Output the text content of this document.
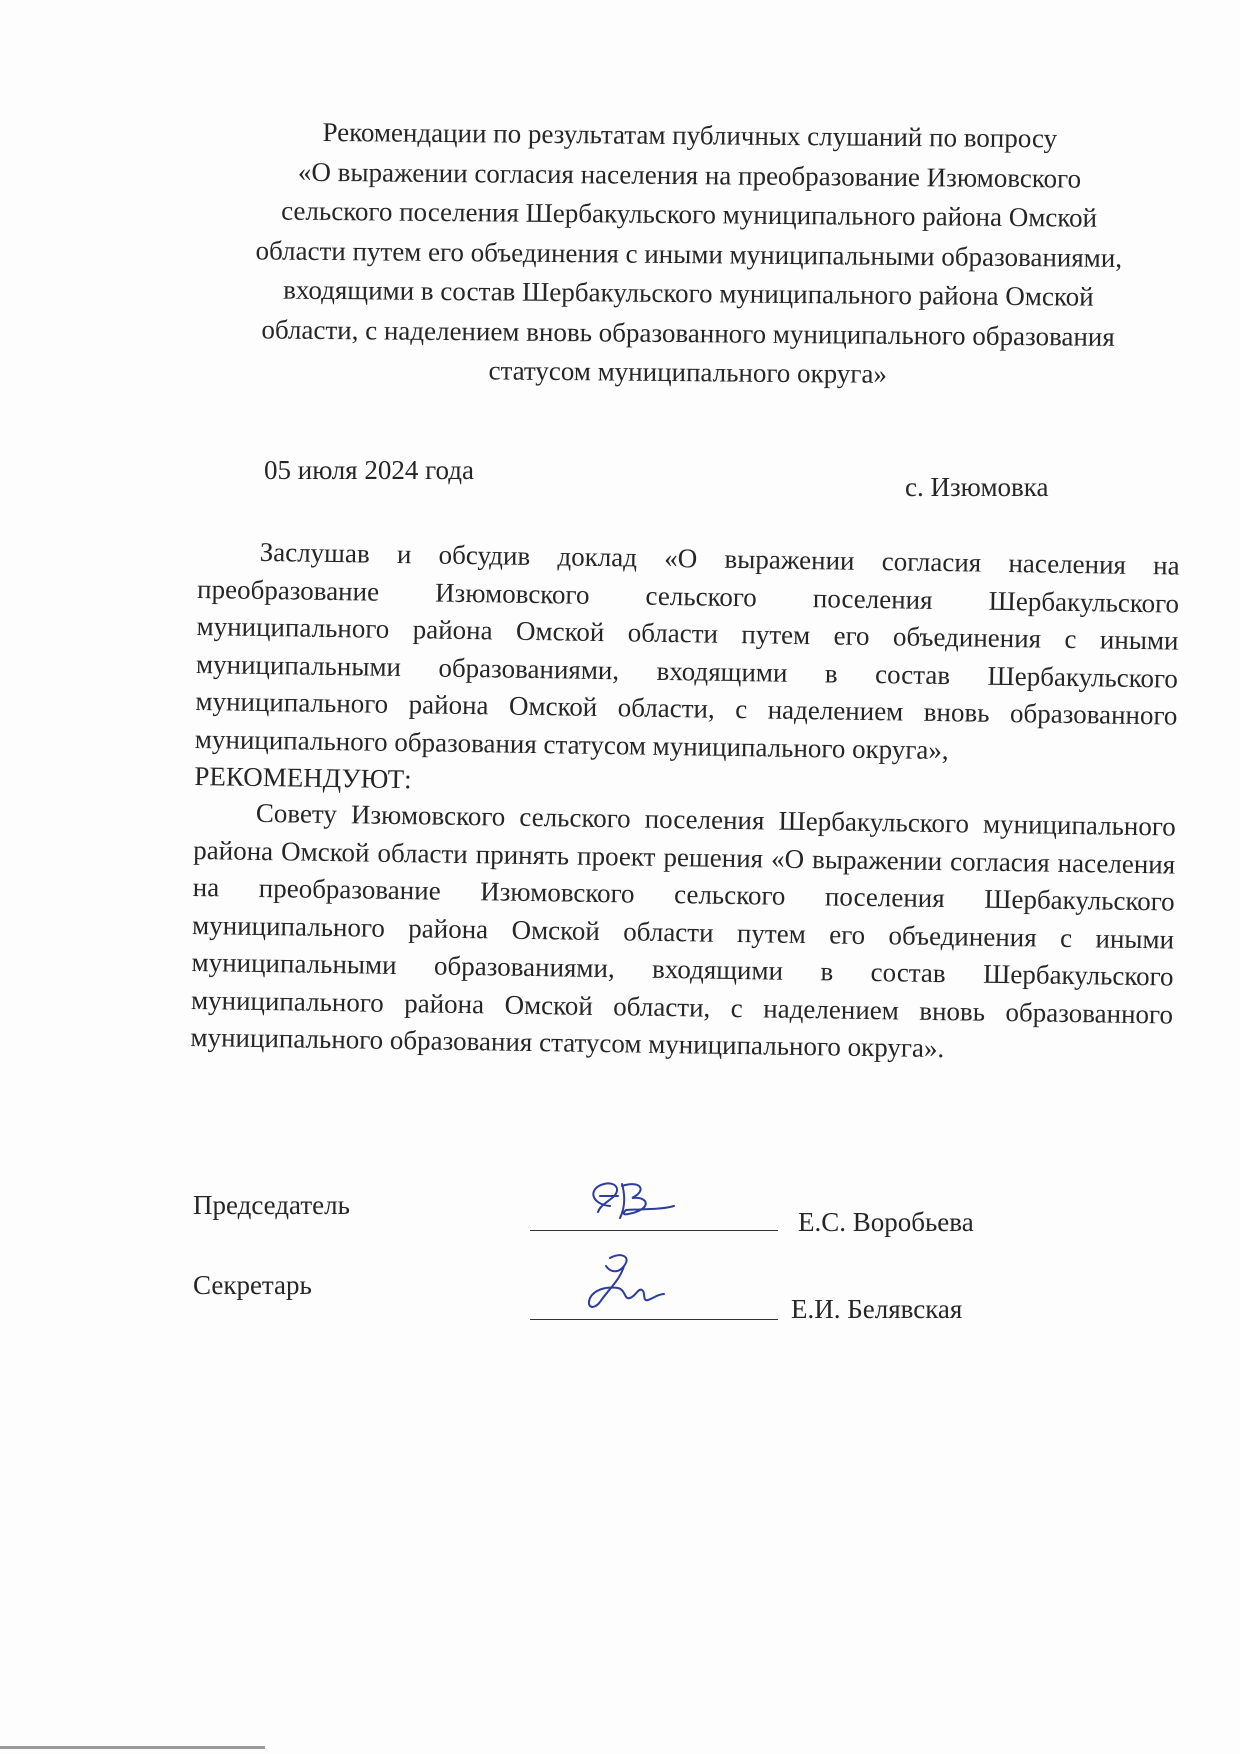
Рекомендации по результатам публичных слушаний по вопросу
«О выражении согласия населения на преобразование Изюмовского
сельского поселения Шербакульского муниципального района Омской
области путем его объединения с иными муниципальными образованиями,
входящими в состав Шербакульского муниципального района Омской
области, с наделением вновь образованного муниципального образования
статусом муниципального округа»
05 июля 2024 года
с. Изюмовка

Заслушав и обсудив доклад «О выражении согласия населения на преобразование Изюмовского сельского поселения Шербакульского муниципального района Омской области путем его объединения с иными муниципальными образованиями, входящими в состав Шербакульского муниципального района Омской области, с наделением вновь образованного муниципального образования статусом муниципального округа»,

РЕКОМЕНДУЮТ:

Совету Изюмовского сельского поселения Шербакульского муниципального района Омской области принять проект решения «О выражении согласия населения на преобразование Изюмовского сельского поселения Шербакульского муниципального района Омской области путем его объединения с иными муниципальными образованиями, входящими в состав Шербакульского муниципального района Омской области, с наделением вновь образованного муниципального образования статусом муниципального округа».

Председатель
Е.С. Воробьева
Секретарь
Е.И. Белявская
